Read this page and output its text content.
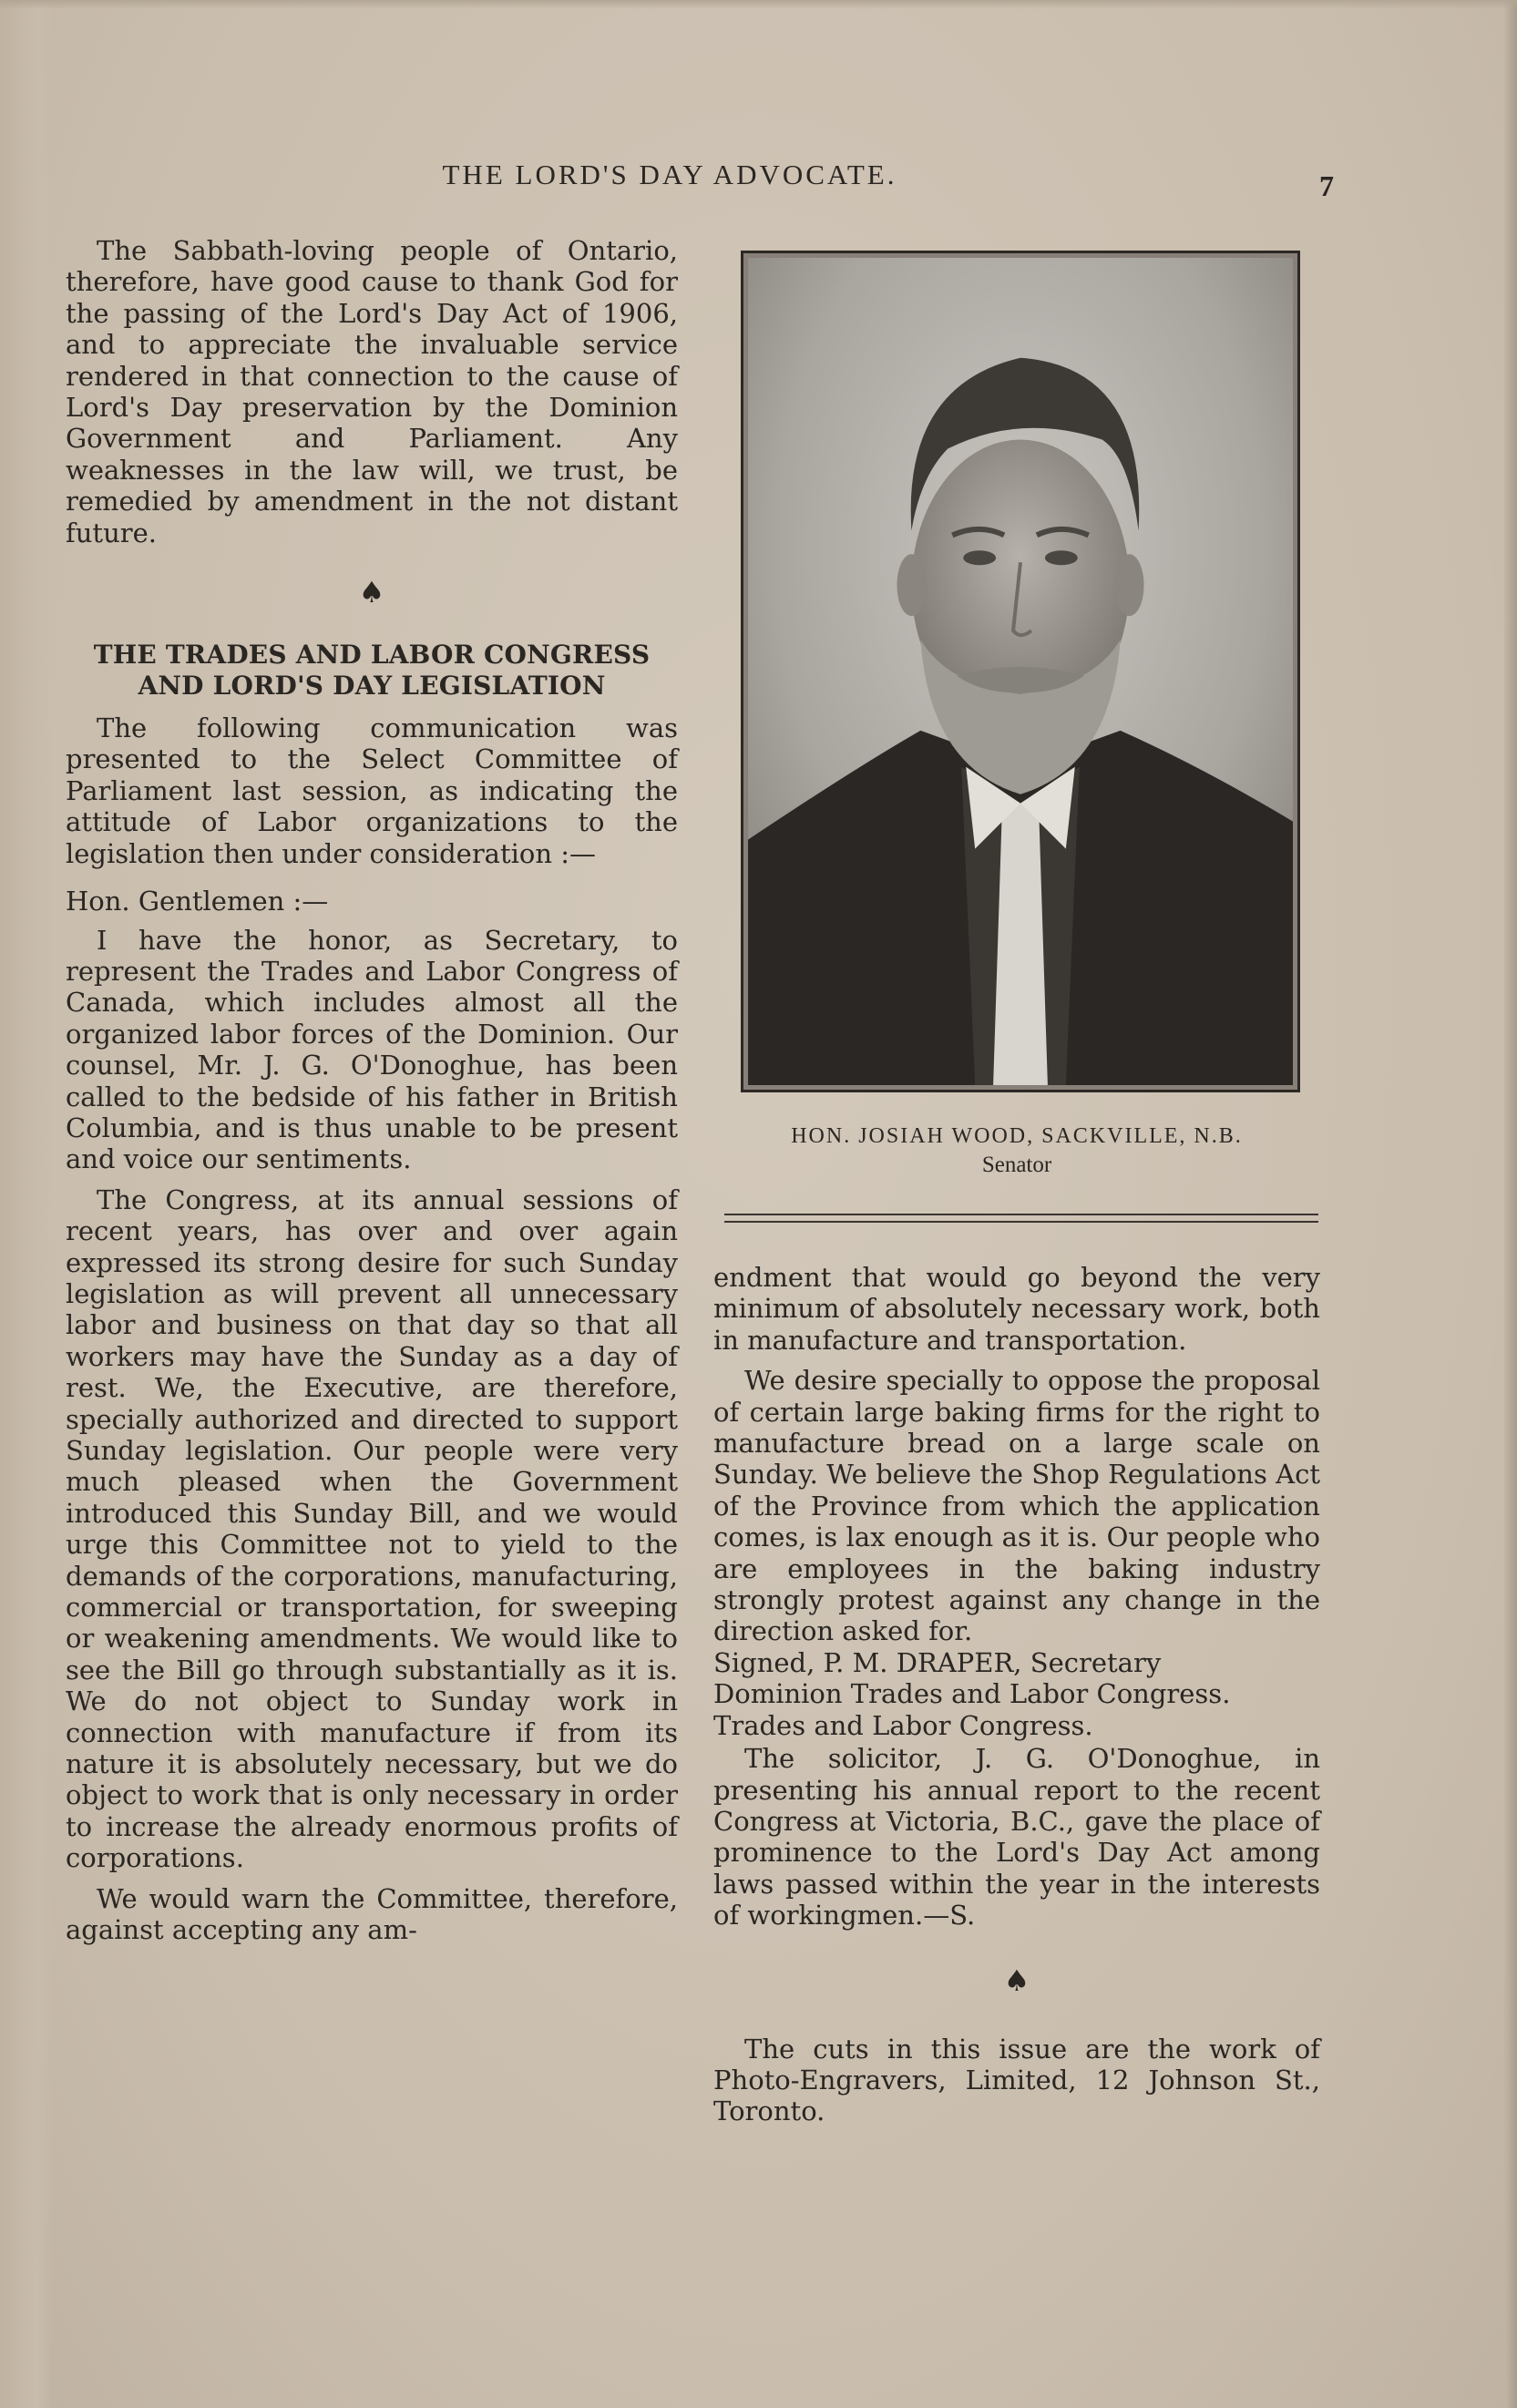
THE LORD'S DAY ADVOCATE.	7

The Sabbath-loving people of Ontario, therefore, have good cause to thank God for the passing of the Lord's Day Act of 1906, and to appreciate the invaluable service rendered in that connection to the cause of Lord's Day preservation by the Dominion Government and Parliament. Any weaknesses in the law will, we trust, be remedied by amendment in the not distant future.

♠
THE TRADES AND LABOR CONGRESS
AND LORD'S DAY LEGISLATION

The following communication was presented to the Select Committee of Parliament last session, as indicating the attitude of Labor organizations to the legislation then under consideration :—

Hon. Gentlemen :—

I have the honor, as Secretary, to represent the Trades and Labor Congress of Canada, which includes almost all the organized labor forces of the Dominion. Our counsel, Mr. J. G. O'Donoghue, has been called to the bedside of his father in British Columbia, and is thus unable to be present and voice our sentiments.

The Congress, at its annual sessions of recent years, has over and over again expressed its strong desire for such Sunday legislation as will prevent all unnecessary labor and business on that day so that all workers may have the Sunday as a day of rest. We, the Executive, are therefore, specially authorized and directed to support Sunday legislation. Our people were very much pleased when the Government introduced this Sunday Bill, and we would urge this Committee not to yield to the demands of the corporations, manufacturing, commercial or transportation, for sweeping or weakening amendments. We would like to see the Bill go through substantially as it is. We do not object to Sunday work in connection with manufacture if from its nature it is absolutely necessary, but we do object to work that is only necessary in order to increase the already enormous profits of corporations.

We would warn the Committee, therefore, against accepting any am-

HON. JOSIAH WOOD, SACKVILLE, N.B.
Senator

endment that would go beyond the very minimum of absolutely necessary work, both in manufacture and transportation.

We desire specially to oppose the proposal of certain large baking firms for the right to manufacture bread on a large scale on Sunday. We believe the Shop Regulations Act of the Province from which the application comes, is lax enough as it is. Our people who are employees in the baking industry strongly protest against any change in the direction asked for.

Signed, P. M. DRAPER, Secretary

Dominion Trades and Labor Congress.

Trades and Labor Congress.

The solicitor, J. G. O'Donoghue, in presenting his annual report to the recent Congress at Victoria, B.C., gave the place of prominence to the Lord's Day Act among laws passed within the year in the interests of workingmen.—S.

♠

The cuts in this issue are the work of Photo-Engravers, Limited, 12 Johnson St., Toronto.
